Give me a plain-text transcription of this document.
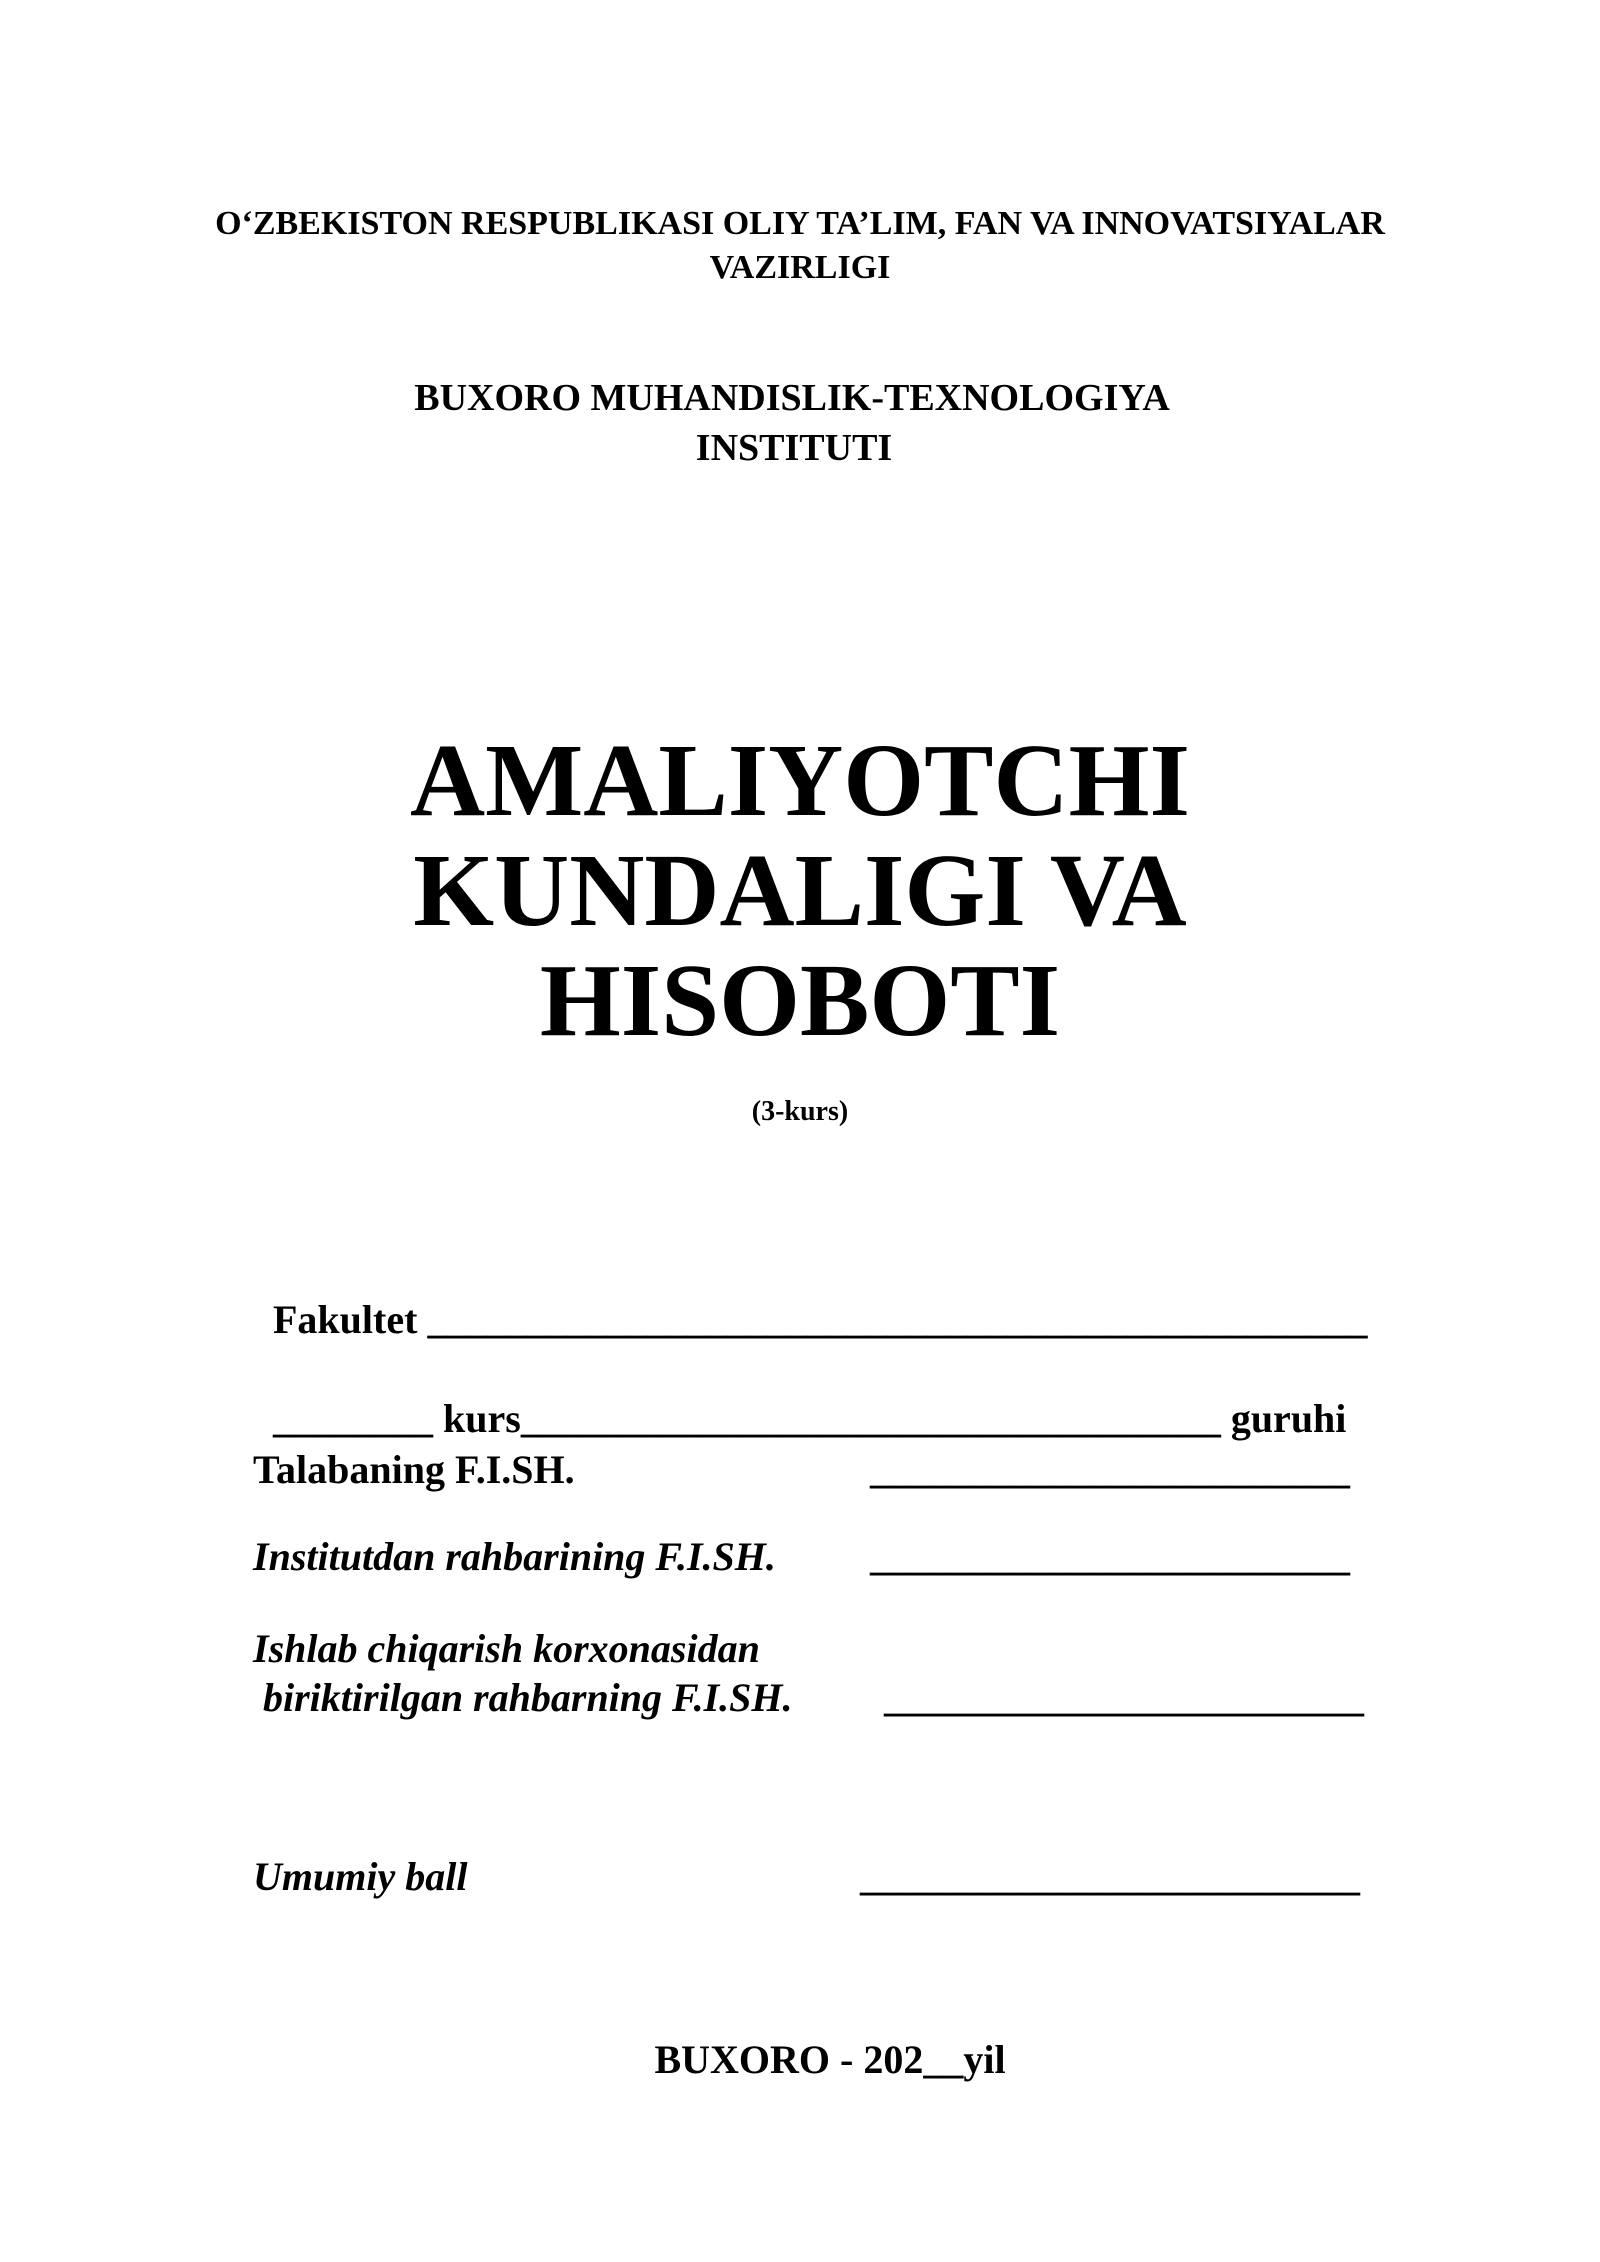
O‘ZBEKISTON RESPUBLIKASI OLIY TA’LIM, FAN VA INNOVATSIYALAR
VAZIRLIGI
BUXORO MUHANDISLIK-TEXNOLOGIYA
INSTITUTI
AMALIYOTCHI
KUNDALIGI VA
HISOBOTI
(3-kurs)

Fakultet _______________________________________________

________ kurs___________________________________ guruhi

Talabaning F.I.SH.	________________________
Institutdan rahbarining F.I.SH. ________________________
Ishlab chiqarish korxonasidan
biriktirilgan rahbarning F.I.SH. ________________________
Umumiy ball	_________________________
BUXORO - 202__yil
